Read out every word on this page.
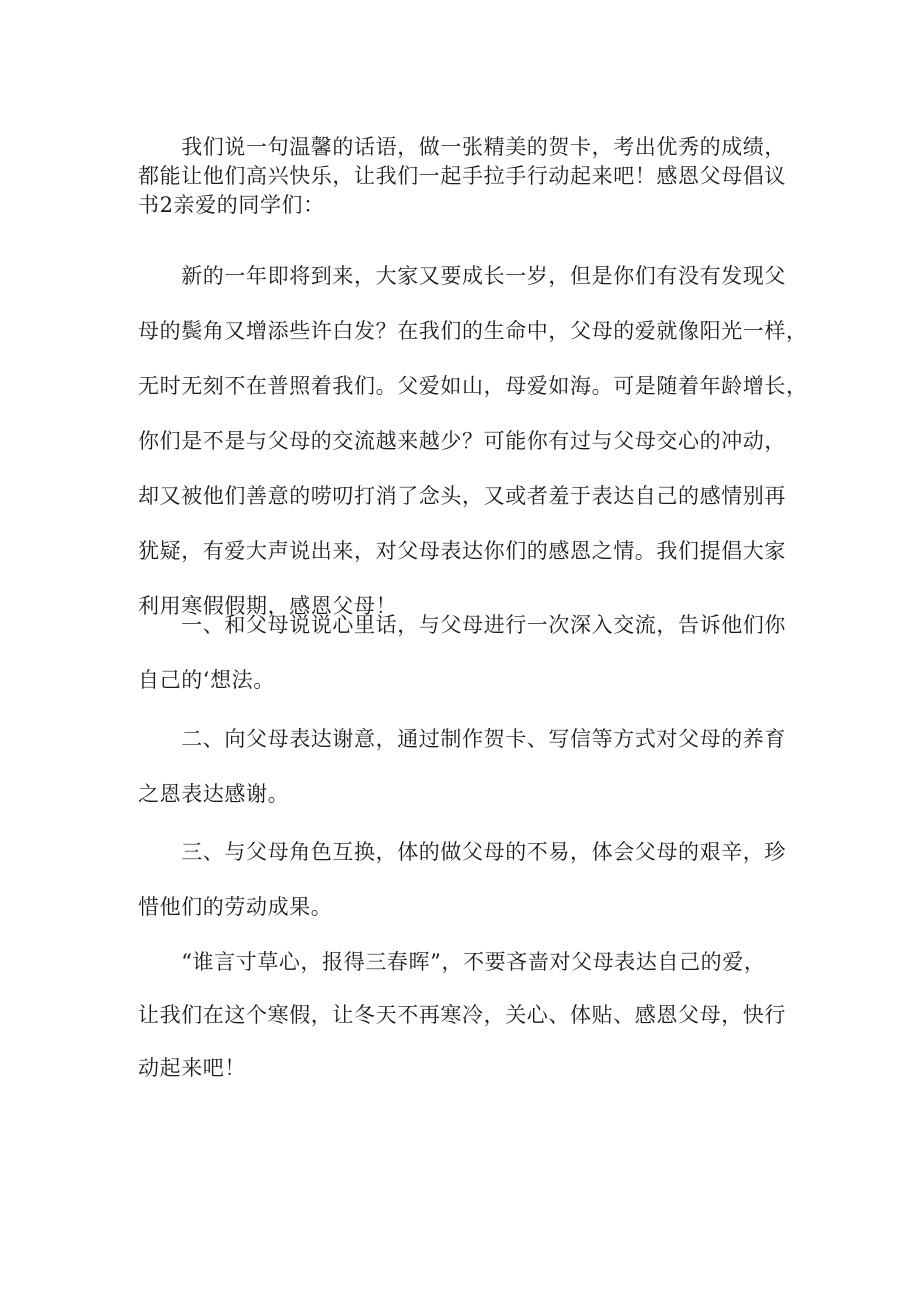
　　我们说一句温馨的话语，做一张精美的贺卡，考出优秀的成绩，
都能让他们高兴快乐，让我们一起手拉手行动起来吧！感恩父母倡议
书2亲爱的同学们：
　　新的一年即将到来，大家又要成长一岁，但是你们有没有发现父
母的鬓角又增添些许白发？在我们的生命中，父母的爱就像阳光一样，
无时无刻不在普照着我们。父爱如山，母爱如海。可是随着年龄增长，
你们是不是与父母的交流越来越少？可能你有过与父母交心的冲动，
却又被他们善意的唠叨打消了念头，又或者羞于表达自己的感情别再
犹疑，有爱大声说出来，对父母表达你们的感恩之情。我们提倡大家
利用寒假假期，感恩父母！
　　一、和父母说说心里话，与父母进行一次深入交流，告诉他们你
自己的‘想法。
　　二、向父母表达谢意，通过制作贺卡、写信等方式对父母的养育
之恩表达感谢。
　　三、与父母角色互换，体的做父母的不易，体会父母的艰辛，珍
惜他们的劳动成果。
　　“谁言寸草心，报得三春晖”，不要吝啬对父母表达自己的爱，
让我们在这个寒假，让冬天不再寒冷，关心、体贴、感恩父母，快行
动起来吧！
